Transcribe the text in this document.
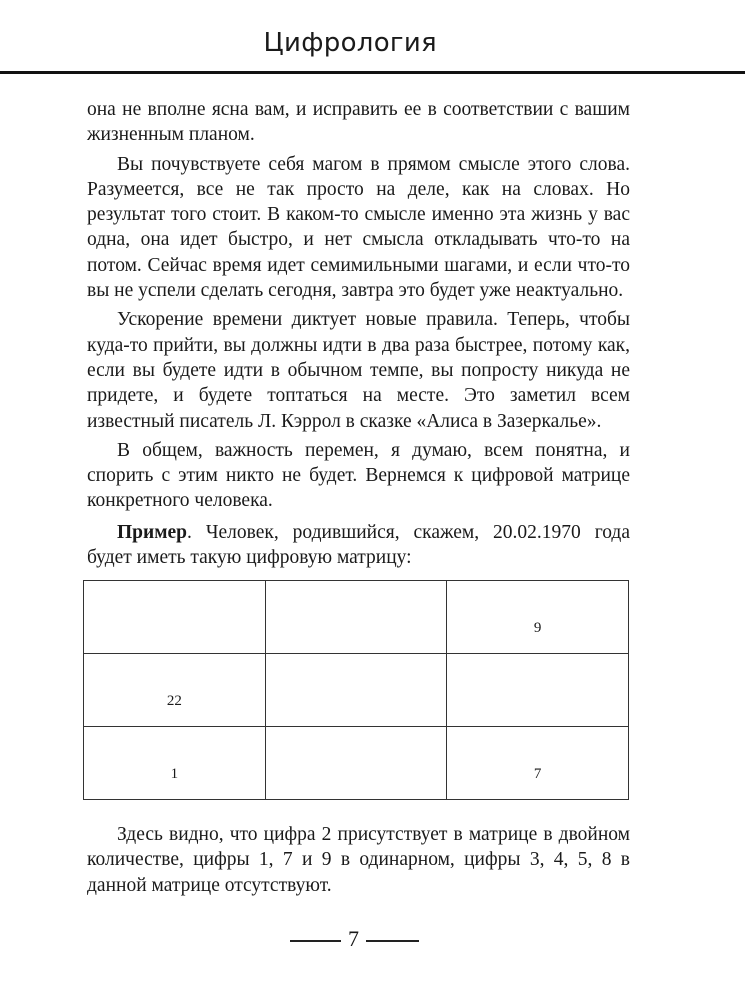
Цифрология

она не вполне ясна вам, и исправить ее в соответствии с вашим жизненным планом.

Вы почувствуете себя магом в прямом смысле этого слова. Разумеется, все не так просто на деле, как на словах. Но результат того стоит. В каком-то смысле именно эта жизнь у вас одна, она идет быстро, и нет смысла откладывать что-то на потом. Сейчас время идет семимильными шагами, и если что-то вы не успели сделать сегодня, завтра это будет уже неактуально.

Ускорение времени диктует новые правила. Теперь, чтобы куда-то прийти, вы должны идти в два раза быстрее, потому как, если вы будете идти в обычном темпе, вы попросту никуда не придете, и будете топтаться на месте. Это заметил всем известный писатель Л. Кэррол в сказке «Алиса в Зазеркалье».

В общем, важность перемен, я думаю, всем понятна, и спорить с этим никто не будет. Вернемся к цифровой матрице конкретного человека.

Пример. Человек, родившийся, скажем, 20.02.1970 года будет иметь такую цифровую матрицу:

		9

22		

1		7

Здесь видно, что цифра 2 присутствует в матрице в двойном количестве, цифры 1, 7 и 9 в одинарном, цифры 3, 4, 5, 8 в данной матрице отсутствуют.

7
